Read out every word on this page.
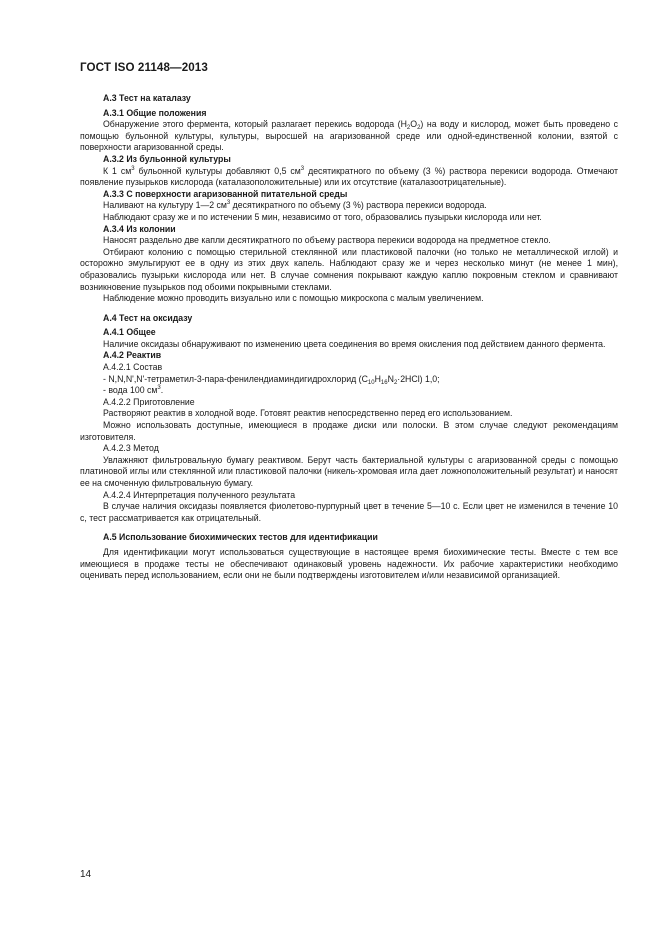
ГОСТ ISO 21148—2013

А.3 Тест на каталазу

А.3.1 Общие положения

Обнаружение этого фермента, который разлагает перекись водорода $(H_2O_2)$ на воду и кислород, может быть проведено с помощью бульонной культуры, культуры, выросшей на агаризованной среде или одной-единственной колонии, взятой с поверхности агаризованной среды.

А.3.2 Из бульонной культуры

К 1 $см^3$ бульонной культуры добавляют 0,5 $см^3$ десятикратного по объему (3 %) раствора перекиси водорода. Отмечают появление пузырьков кислорода (каталазоположительные) или их отсутствие (каталазоотрицательные).

А.3.3 С поверхности агаризованной питательной среды

Наливают на культуру 1—2 $см^3$ десятикратного по объему (3 %) раствора перекиси водорода.

Наблюдают сразу же и по истечении 5 мин, независимо от того, образовались пузырьки кислорода или нет.

А.3.4 Из колонии

Наносят раздельно две капли десятикратного по объему раствора перекиси водорода на предметное стекло.

Отбирают колонию с помощью стерильной стеклянной или пластиковой палочки (но только не металлической иглой) и осторожно эмульгируют ее в одну из этих двух капель. Наблюдают сразу же и через несколько минут (не менее 1 мин), образовались пузырьки кислорода или нет. В случае сомнения покрывают каждую каплю покровным стеклом и сравнивают возникновение пузырьков под обоими покрывными стеклами.

Наблюдение можно проводить визуально или с помощью микроскопа с малым увеличением.

А.4 Тест на оксидазу

А.4.1 Общее

Наличие оксидазы обнаруживают по изменению цвета соединения во время окисления под действием данного фермента.

А.4.2 Реактив

А.4.2.1 Состав

- N,N,N',N'-тетраметил-3-пара-фенилендиаминдигидрохлорид $(C_{10}H_{16}N_2\cdot 2HCl)$ 1,0;

- вода 100 $см^3$.

А.4.2.2 Приготовление

Растворяют реактив в холодной воде. Готовят реактив непосредственно перед его использованием.

Можно использовать доступные, имеющиеся в продаже диски или полоски. В этом случае следуют рекомендациям изготовителя.

А.4.2.3 Метод

Увлажняют фильтровальную бумагу реактивом. Берут часть бактериальной культуры с агаризованной среды с помощью платиновой иглы или стеклянной или пластиковой палочки (никель-хромовая игла дает ложноположительный результат) и наносят ее на смоченную фильтровальную бумагу.

А.4.2.4 Интерпретация полученного результата

В случае наличия оксидазы появляется фиолетово-пурпурный цвет в течение 5—10 с. Если цвет не изменился в течение 10 с, тест рассматривается как отрицательный.

А.5 Использование биохимических тестов для идентификации

Для идентификации могут использоваться существующие в настоящее время биохимические тесты. Вместе с тем все имеющиеся в продаже тесты не обеспечивают одинаковый уровень надежности. Их рабочие характеристики необходимо оценивать перед использованием, если они не были подтверждены изготовителем и/или независимой организацией.

14
